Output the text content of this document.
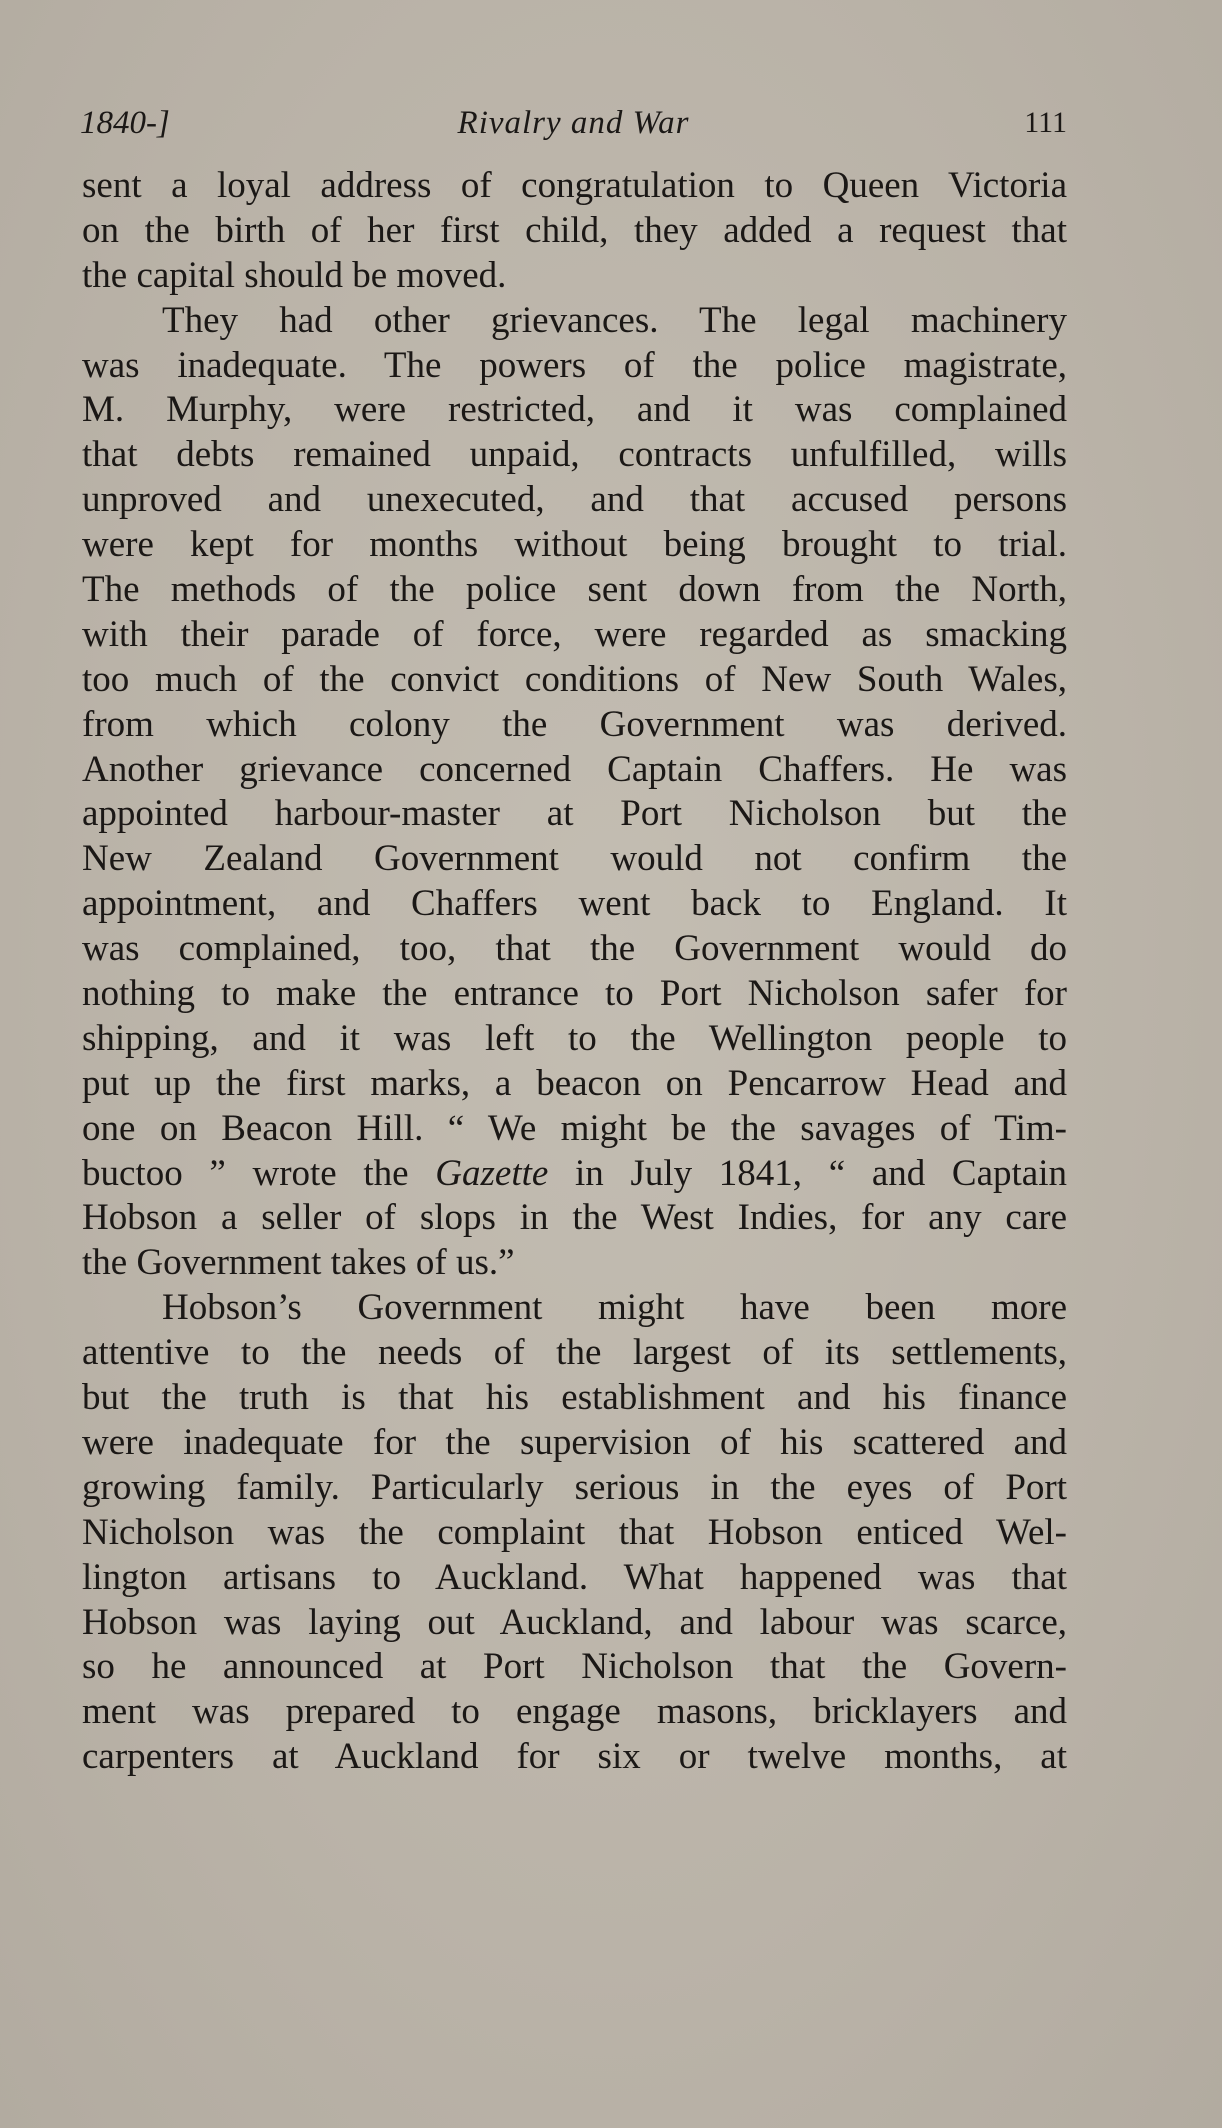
1840-]	Rivalry and War	111
sent a loyal address of congratulation to Queen Victoria
on the birth of her first child, they added a request that
the capital should be moved.
They had other grievances. The legal machinery
was inadequate. The powers of the police magistrate,
M. Murphy, were restricted, and it was complained
that debts remained unpaid, contracts unfulfilled, wills
unproved and unexecuted, and that accused persons
were kept for months without being brought to trial.
The methods of the police sent down from the North,
with their parade of force, were regarded as smacking
too much of the convict conditions of New South Wales,
from which colony the Government was derived.
Another grievance concerned Captain Chaffers. He was
appointed harbour-master at Port Nicholson but the
New Zealand Government would not confirm the
appointment, and Chaffers went back to England. It
was complained, too, that the Government would do
nothing to make the entrance to Port Nicholson safer for
shipping, and it was left to the Wellington people to
put up the first marks, a beacon on Pencarrow Head and
one on Beacon Hill. “ We might be the savages of Tim-
buctoo ” wrote the Gazette in July 1841, “ and Captain
Hobson a seller of slops in the West Indies, for any care
the Government takes of us.”
Hobson’s Government might have been more
attentive to the needs of the largest of its settlements,
but the truth is that his establishment and his finance
were inadequate for the supervision of his scattered and
growing family. Particularly serious in the eyes of Port
Nicholson was the complaint that Hobson enticed Wel-
lington artisans to Auckland. What happened was that
Hobson was laying out Auckland, and labour was scarce,
so he announced at Port Nicholson that the Govern-
ment was prepared to engage masons, bricklayers and
carpenters at Auckland for six or twelve months, at
